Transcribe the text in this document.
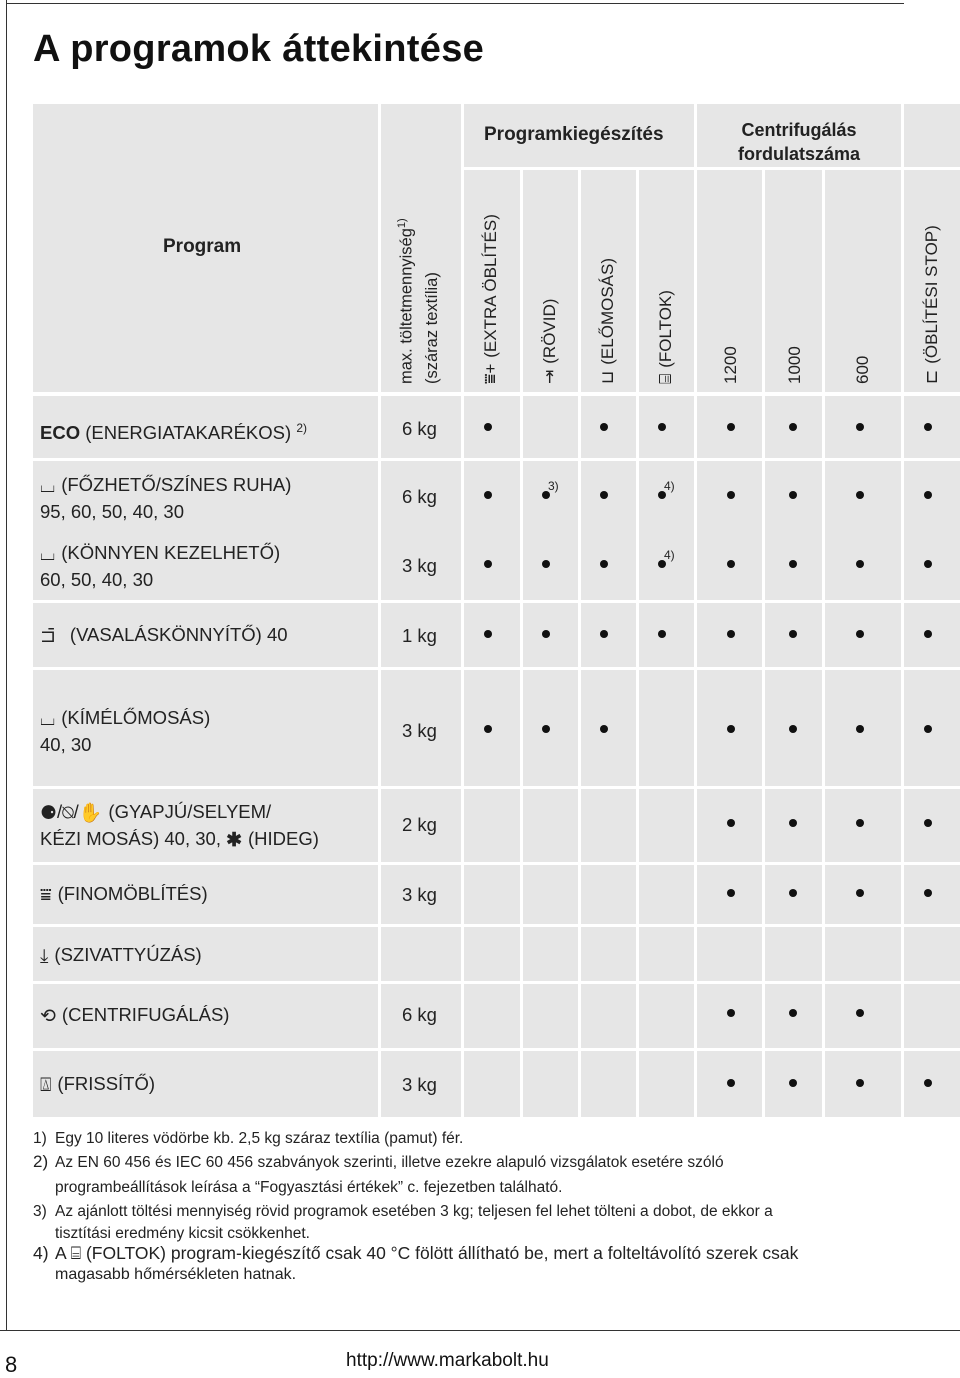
A programok áttekintése
Program	max. töltetmennyiség$^{1)}$
(száraz textília)
Programkiegészítés	Centrifugálás
fordulatszáma
⩸+(EXTRA ÖBLÍTÉS)
⇥(RÖVID)
⊔(ELŐMOSÁS)
⌸(FOLTOK)	1200	1000	600	⊏(ÖBLÍTÉSI STOP)
ECO (ENERGIATAKARÉKOS) $^{2)}$
⌴ (FŐZHETŐ/SZÍNES RUHA)
95, 60, 50, 40, 30
⌴ (KÖNNYEN KEZELHETŐ)
60, 50, 40, 30
⊐̄ (VASALÁSKÖNNYÍTŐ) 40
⌴ (KÍMÉLŐMOSÁS)
40, 30
⚈/⍉/✋ (GYAPJÚ/SELYEM/
KÉZI MOSÁS) 40, 30, ✱ (HIDEG)
⩸ (FINOMÖBLÍTÉS)
⤓ (SZIVATTYÚZÁS)
⟲ (CENTRIFUGÁLÁS)
⍍ (FRISSÍTŐ)
6 kg
6 kg
3 kg
1 kg
3 kg
2 kg
3 kg
6 kg
3 kg
3)	4)
4)
1) Egy 10 literes vödörbe kb. 2,5 kg száraz textília (pamut) fér.
2) Az EN 60 456 és IEC 60 456 szabványok szerinti, illetve ezekre alapuló vizsgálatok esetére szóló
programbeállítások leírása a “Fogyasztási értékek” c. fejezetben található.
3) Az ajánlott töltési mennyiség rövid programok esetében 3 kg; teljesen fel lehet tölteni a dobot, de ekkor a
tisztítási eredmény kicsit csökkenhet.
4) A ⌸ (FOLTOK) program-kiegészítő csak 40 °C fölött állítható be, mert a folteltávolító szerek csak
magasabb hőmérsékleten hatnak.
8	http://www.markabolt.hu
